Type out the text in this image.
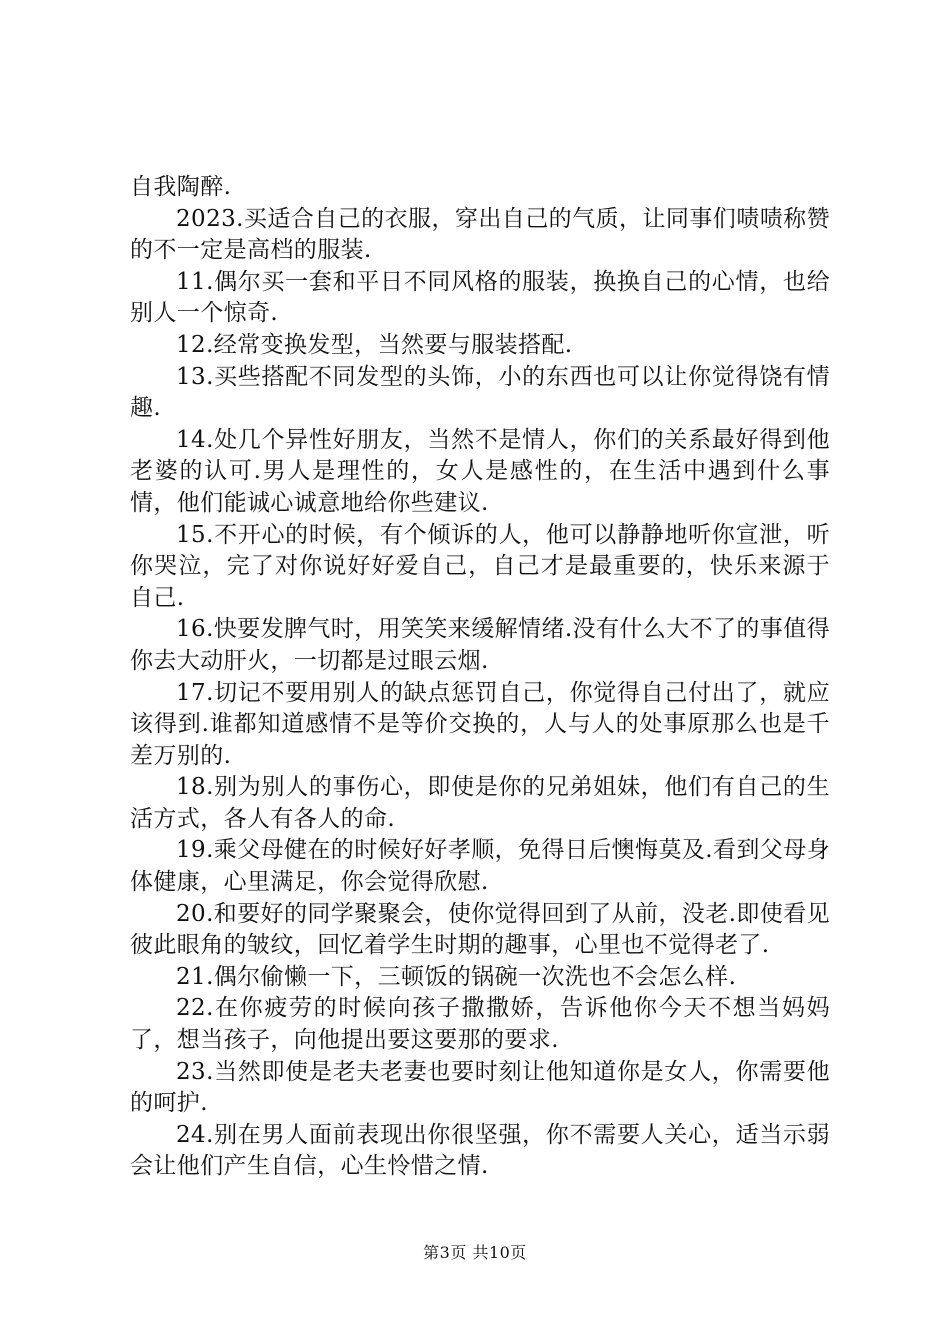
自我陶醉.

2023.买适合自己的衣服，穿出自己的气质，让同事们啧啧称赞的不一定是高档的服装.

11.偶尔买一套和平日不同风格的服装，换换自己的心情，也给别人一个惊奇.

12.经常变换发型，当然要与服装搭配.

13.买些搭配不同发型的头饰，小的东西也可以让你觉得饶有情趣.

14.处几个异性好朋友，当然不是情人，你们的关系最好得到他老婆的认可.男人是理性的，女人是感性的，在生活中遇到什么事情，他们能诚心诚意地给你些建议.

15.不开心的时候，有个倾诉的人，他可以静静地听你宣泄，听你哭泣，完了对你说好好爱自己，自己才是最重要的，快乐来源于自己.

16.快要发脾气时，用笑笑来缓解情绪.没有什么大不了的事值得你去大动肝火，一切都是过眼云烟.

17.切记不要用别人的缺点惩罚自己，你觉得自己付出了，就应该得到.谁都知道感情不是等价交换的，人与人的处事原那么也是千差万别的.

18.别为别人的事伤心，即使是你的兄弟姐妹，他们有自己的生活方式，各人有各人的命.

19.乘父母健在的时候好好孝顺，免得日后懊悔莫及.看到父母身体健康，心里满足，你会觉得欣慰.

20.和要好的同学聚聚会，使你觉得回到了从前，没老.即使看见彼此眼角的皱纹，回忆着学生时期的趣事，心里也不觉得老了.

21.偶尔偷懒一下，三顿饭的锅碗一次洗也不会怎么样.

22.在你疲劳的时候向孩子撒撒娇，告诉他你今天不想当妈妈了，想当孩子，向他提出要这要那的要求.

23.当然即使是老夫老妻也要时刻让他知道你是女人，你需要他的呵护.

24.别在男人面前表现出你很坚强，你不需要人关心，适当示弱会让他们产生自信，心生怜惜之情.

第3页 共10页
